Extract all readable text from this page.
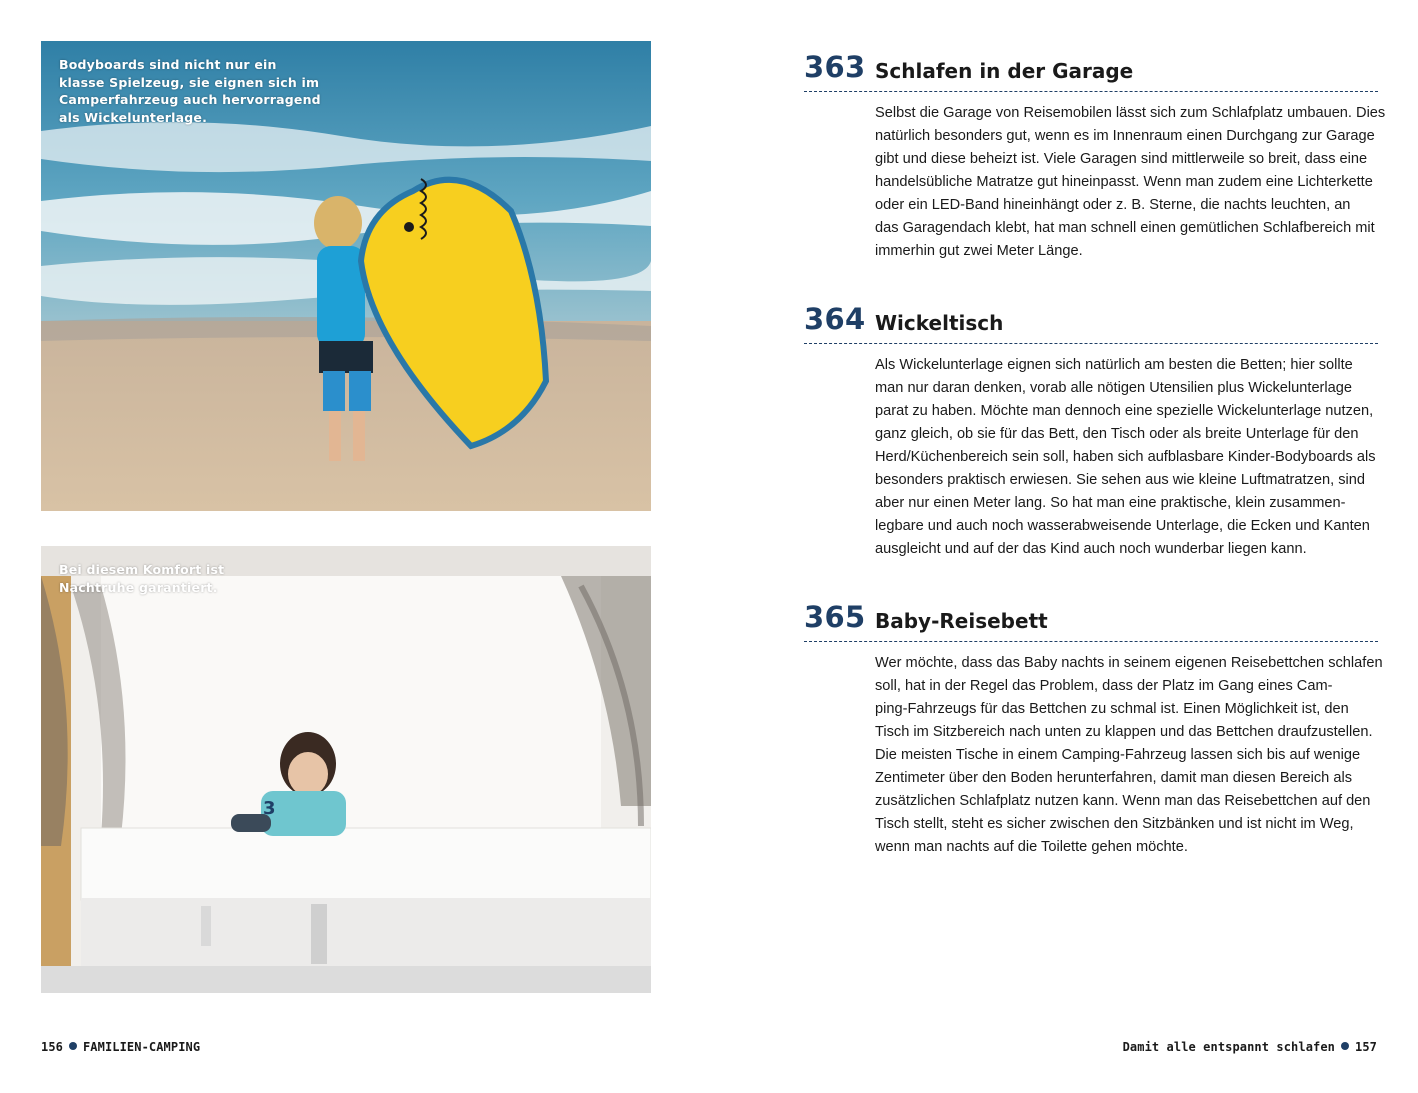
Bodyboards sind nicht nur ein
klasse Spielzeug, sie eignen sich im
Camperfahrzeug auch hervorragend
als Wickelunterlage.
3
Bei diesem Komfort ist
Nachtruhe garantiert.
363 Schlafen in der Garage
Selbst die Garage von Reisemobilen lässt sich zum Schlafplatz umbauen. Dies
natürlich besonders gut, wenn es im Innenraum einen Durchgang zur Garage
gibt und diese beheizt ist. Viele Garagen sind mittlerweile so breit, dass eine
handelsübliche Matratze gut hineinpasst. Wenn man zudem eine Lichterkette
oder ein LED-Band hineinhängt oder z. B. Sterne, die nachts leuchten, an
das Garagendach klebt, hat man schnell einen gemütlichen Schlafbereich mit
immerhin gut zwei Meter Länge.
364 Wickeltisch
Als Wickelunterlage eignen sich natürlich am besten die Betten; hier sollte
man nur daran denken, vorab alle nötigen Utensilien plus Wickelunterlage
parat zu haben. Möchte man dennoch eine spezielle Wickelunterlage nutzen,
ganz gleich, ob sie für das Bett, den Tisch oder als breite Unterlage für den
Herd/Küchenbereich sein soll, haben sich aufblasbare Kinder-Bodyboards als
besonders praktisch erwiesen. Sie sehen aus wie kleine Luftmatratzen, sind
aber nur einen Meter lang. So hat man eine praktische, klein zusammen-
legbare und auch noch wasserabweisende Unterlage, die Ecken und Kanten
ausgleicht und auf der das Kind auch noch wunderbar liegen kann.
365 Baby-Reisebett
Wer möchte, dass das Baby nachts in seinem eigenen Reisebettchen schlafen
soll, hat in der Regel das Problem, dass der Platz im Gang eines Cam-
ping-Fahrzeugs für das Bettchen zu schmal ist. Einen Möglichkeit ist, den
Tisch im Sitzbereich nach unten zu klappen und das Bettchen draufzustellen.
Die meisten Tische in einem Camping-Fahrzeug lassen sich bis auf wenige
Zentimeter über den Boden herunterfahren, damit man diesen Bereich als
zusätzlichen Schlafplatz nutzen kann. Wenn man das Reisebettchen auf den
Tisch stellt, steht es sicher zwischen den Sitzbänken und ist nicht im Weg,
wenn man nachts auf die Toilette gehen möchte.
156 FAMILIEN-CAMPING	Damit alle entspannt schlafen 157
